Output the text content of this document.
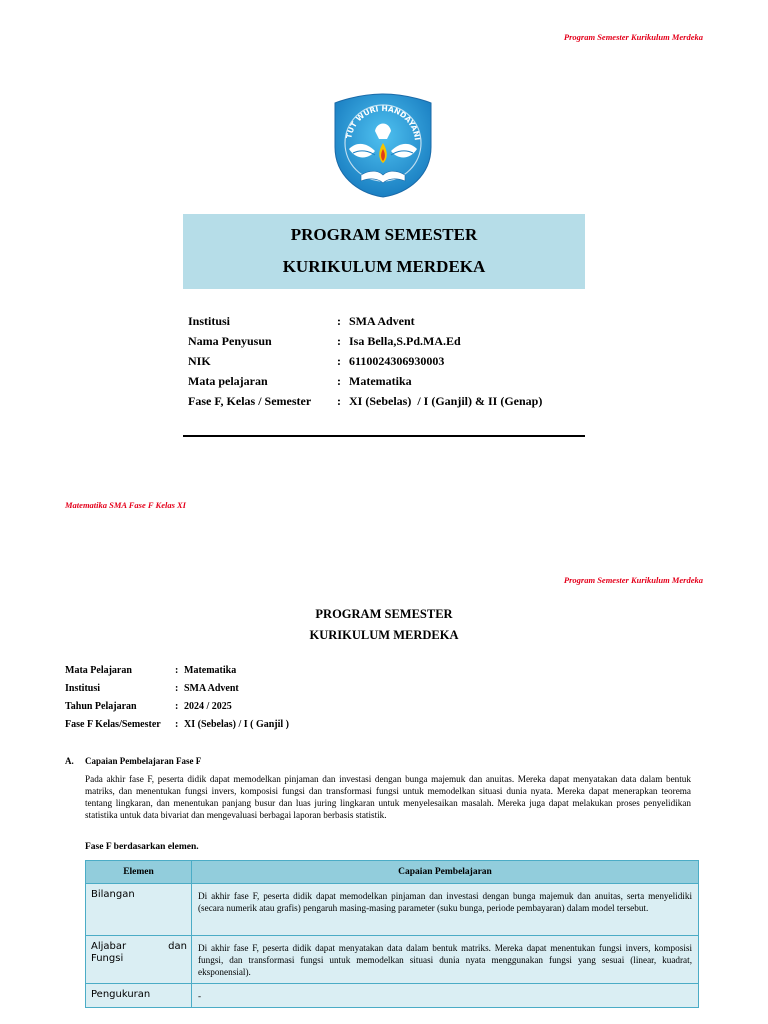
Program Semester Kurikulum Merdeka
TUT WURI HANDAYANI
PROGRAM SEMESTER
KURIKULUM MERDEKA
Institusi	: SMA Advent
Nama Penyusun	: Isa Bella,S.Pd.MA.Ed
NIK	: 6110024306930003
Mata pelajaran	: Matematika
Fase F, Kelas / Semester : XI (Sebelas)  / I (Ganjil) & II (Genap)
Matematika SMA Fase F Kelas XI
Program Semester Kurikulum Merdeka
PROGRAM SEMESTER
KURIKULUM MERDEKA
Mata Pelajaran	: Matematika
Institusi	: SMA Advent
Tahun Pelajaran	: 2024 / 2025
Fase F Kelas/Semester : XI (Sebelas) / I ( Ganjil )
A. Capaian Pembelajaran Fase F
Pada akhir fase F, peserta didik dapat memodelkan pinjaman dan investasi dengan bunga majemuk dan anuitas. Mereka dapat menyatakan data dalam bentuk matriks, dan menentukan fungsi invers, komposisi fungsi dan transformasi fungsi untuk memodelkan situasi dunia nyata. Mereka dapat menerapkan teorema tentang lingkaran, dan menentukan panjang busur dan luas juring lingkaran untuk menyelesaikan masalah. Mereka juga dapat melakukan proses penyelidikan statistika untuk data bivariat dan mengevaluasi berbagai laporan berbasis statistik.
Fase F berdasarkan elemen.
Elemen	Capaian Pembelajaran
Bilangan	Di akhir fase F, peserta didik dapat memodelkan pinjaman dan investasi dengan bunga majemuk dan anuitas, serta menyelidiki (secara numerik atau grafis) pengaruh masing-masing parameter (suku bunga, periode pembayaran) dalam model tersebut.

Aljabar dan Fungsi	Di akhir fase F, peserta didik dapat menyatakan data dalam bentuk matriks. Mereka dapat menentukan fungsi invers, komposisi fungsi, dan transformasi fungsi untuk memodelkan situasi dunia nyata menggunakan fungsi yang sesuai (linear, kuadrat, eksponensial).
Pengukuran	-
